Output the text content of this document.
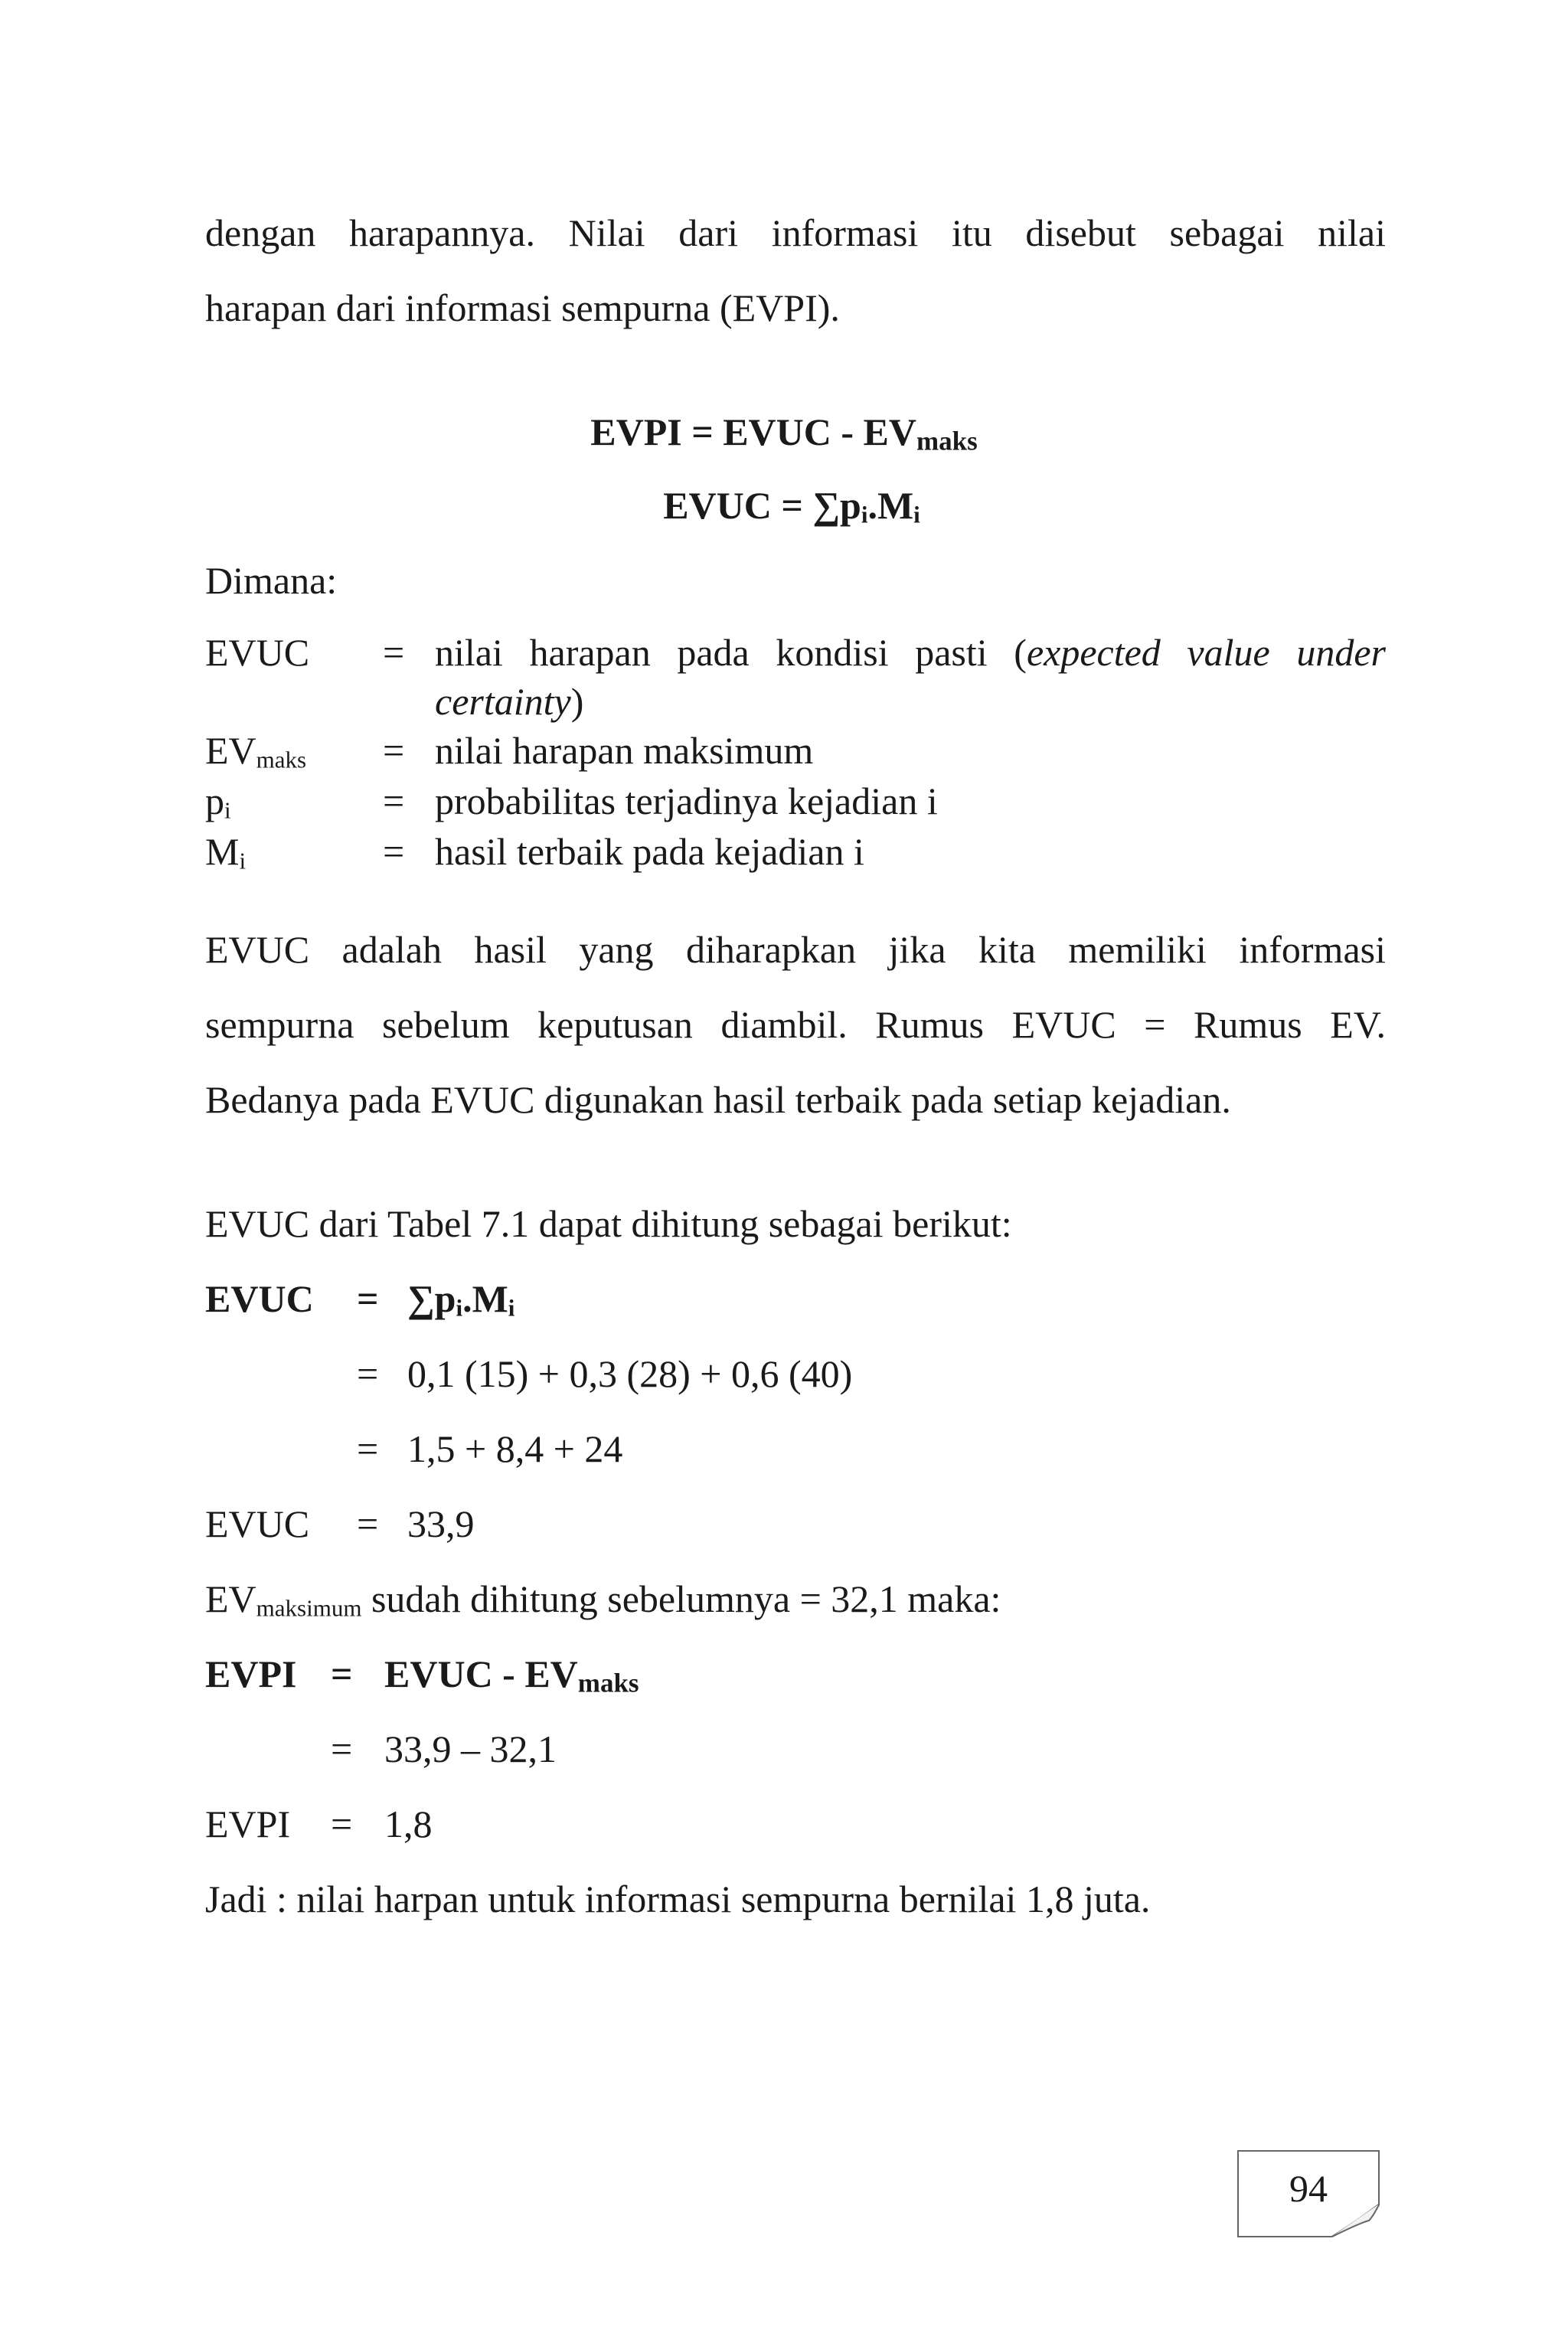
dengan harapannya. Nilai dari informasi itu disebut sebagai nilai
harapan dari informasi sempurna (EVPI).
EVPI = EVUC - $EV_{maks}$
EVUC = $\sum p_i.M_i$
Dimana:
EVUC = nilai harapan pada kondisi pasti (expected value under
certainty)
$EV_{maks}$ = nilai harapan maksimum
$p_i$	= probabilitas terjadinya kejadian i
$M_i$	= hasil terbaik pada kejadian i
EVUC adalah hasil yang diharapkan jika kita memiliki informasi
sempurna sebelum keputusan diambil. Rumus EVUC = Rumus EV.
Bedanya pada EVUC digunakan hasil terbaik pada setiap kejadian.
EVUC dari Tabel 7.1 dapat dihitung sebagai berikut:
EVUC = $\sum p_i.M_i$
= 0,1 (15) + 0,3 (28) + 0,6 (40)
= 1,5 + 8,4 + 24
EVUC = 33,9
$EV_{maksimum}$ sudah dihitung sebelumnya = 32,1 maka:
EVPI = EVUC - $EV_{maks}$
= 33,9 – 32,1
EVPI = 1,8
Jadi : nilai harpan untuk informasi sempurna bernilai 1,8 juta.
94
